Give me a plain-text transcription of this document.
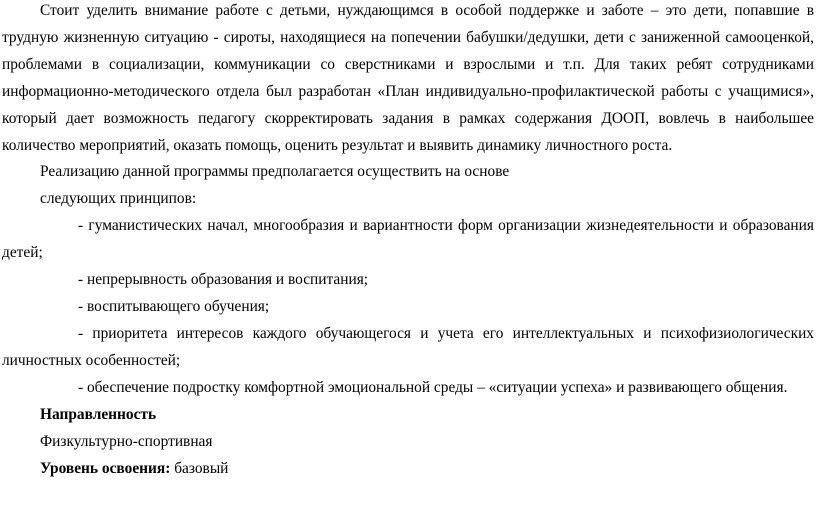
Стоит уделить внимание работе с детьми, нуждающимся в особой поддержке и заботе – это дети, попавшие в трудную жизненную ситуацию - сироты, находящиеся на попечении бабушки/дедушки, дети с заниженной самооценкой, проблемами в социализации, коммуникации со сверстниками и взрослыми и т.п. Для таких ребят сотрудниками информационно-методического отдела был разработан «План индивидуально-профилактической работы с учащимися», который дает возможность педагогу скорректировать задания в рамках содержания ДООП, вовлечь в наибольшее количество мероприятий, оказать помощь, оценить результат и выявить динамику личностного роста.

Реализацию данной программы предполагается осуществить на основе

следующих принципов:

- гуманистических начал, многообразия и вариантности форм организации жизнедеятельности и образования детей;

- непрерывность образования и воспитания;

- воспитывающего обучения;

- приоритета интересов каждого обучающегося и учета его интеллектуальных и психофизиологических личностных особенностей;

- обеспечение подростку комфортной эмоциональной среды – «ситуации успеха» и развивающего общения.

Направленность

Физкультурно-спортивная

Уровень освоения: базовый
